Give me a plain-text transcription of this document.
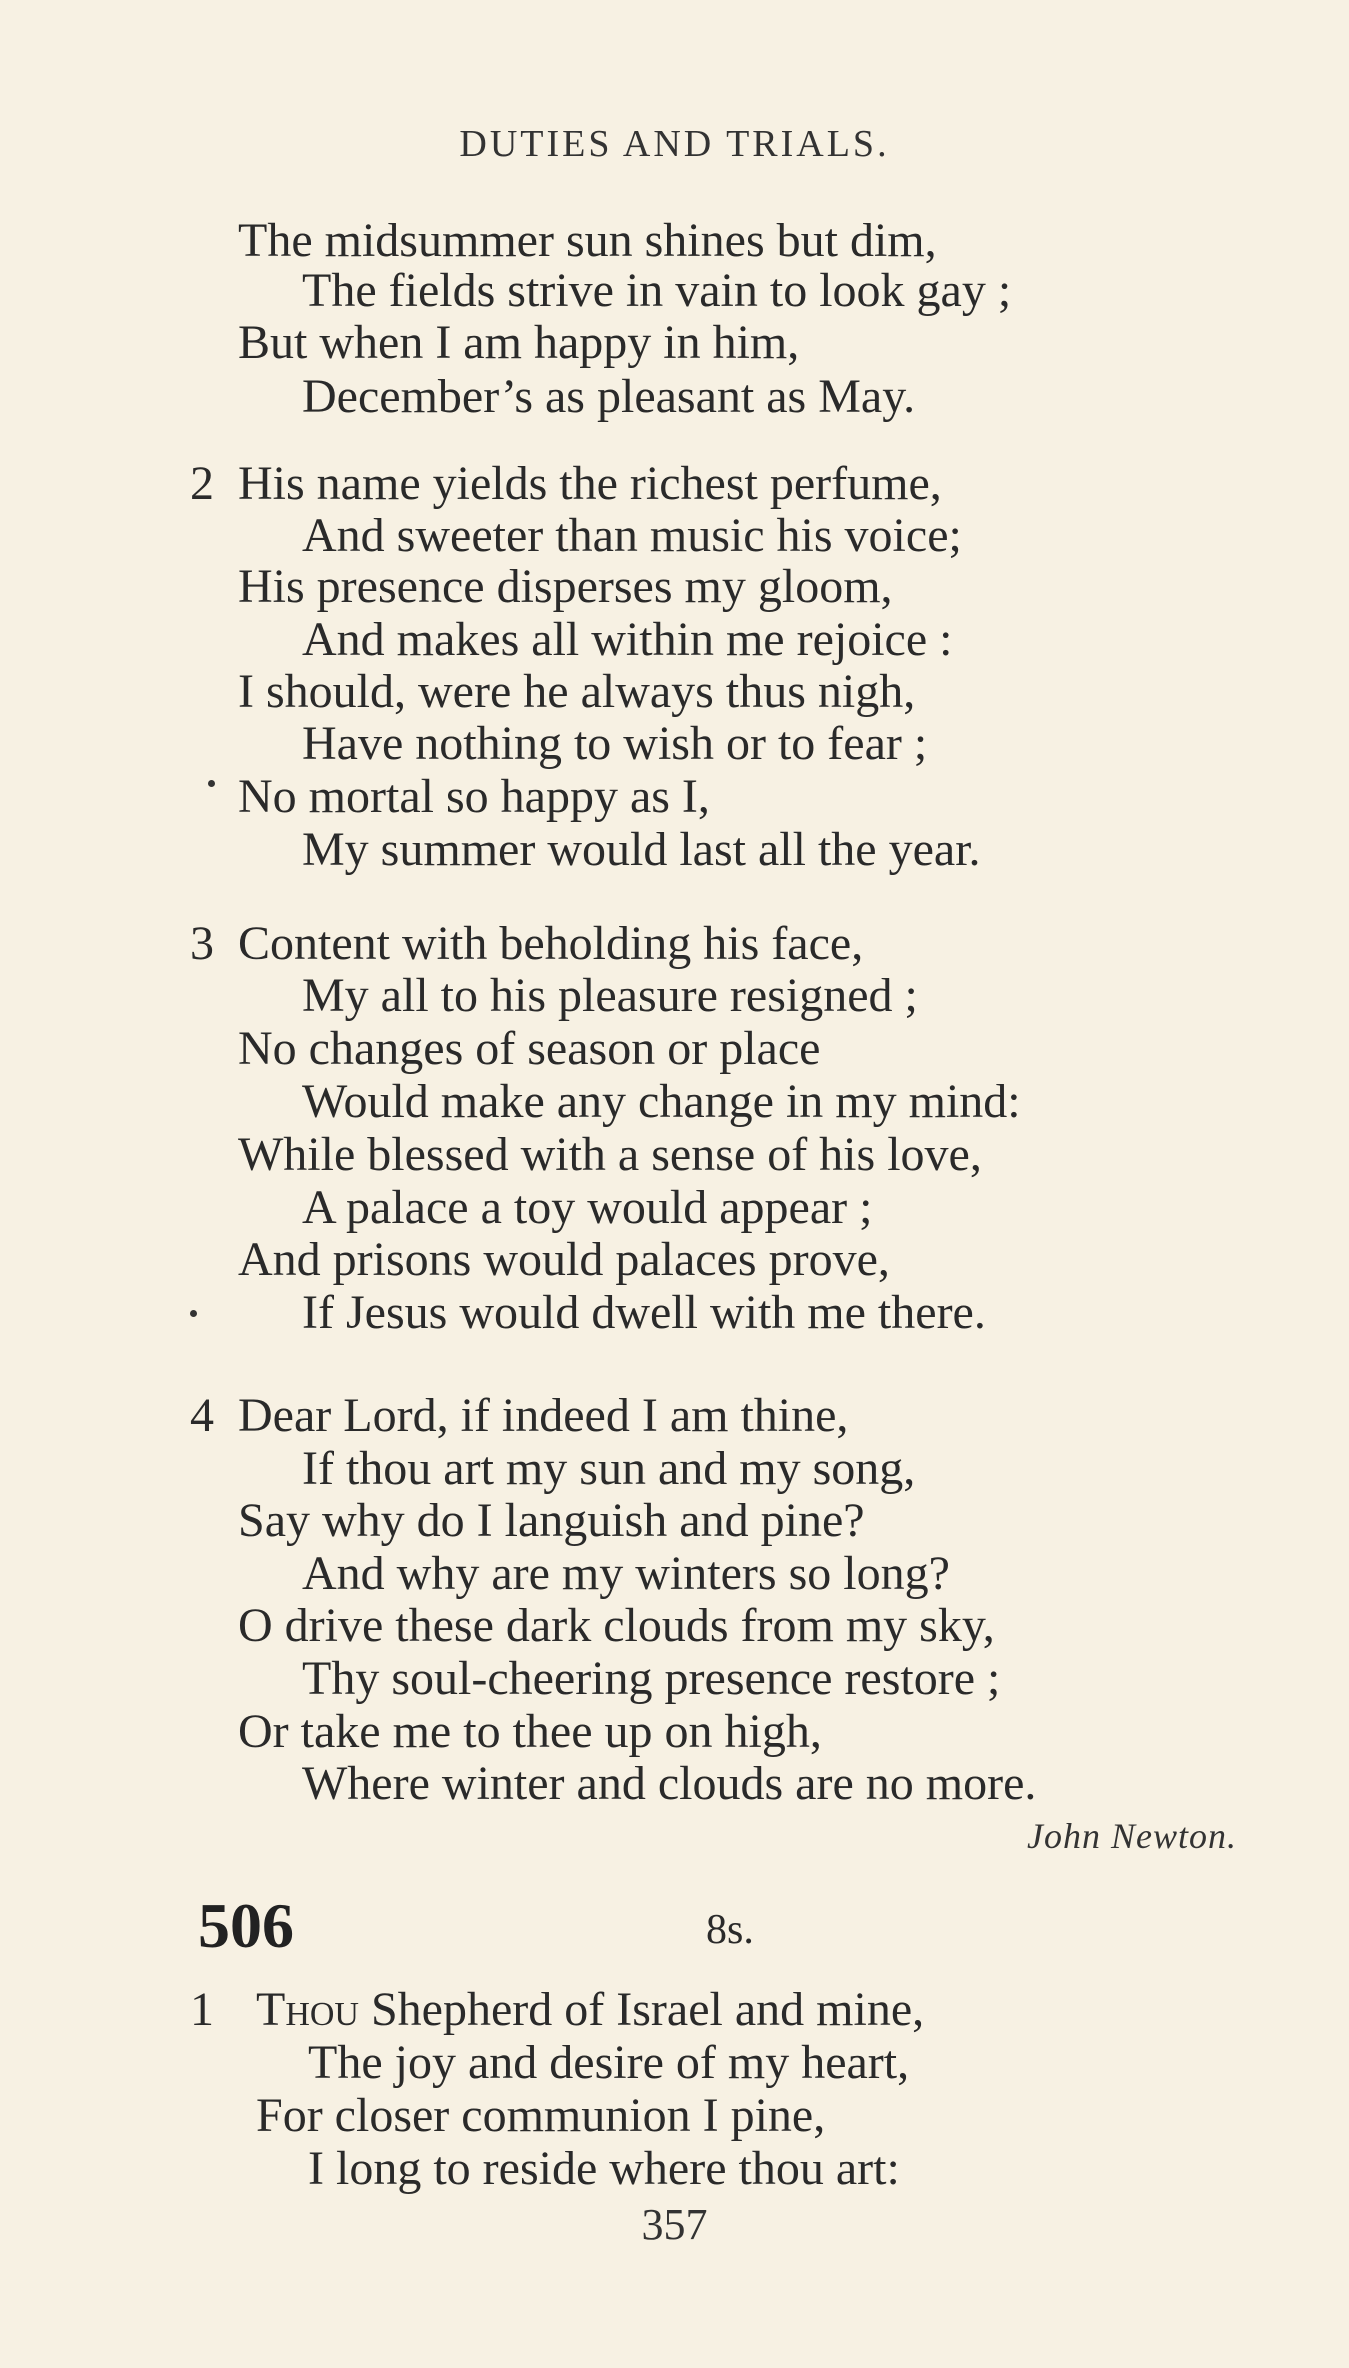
DUTIES AND TRIALS.
The midsummer sun shines but dim,
The fields strive in vain to look gay ;
But when I am happy in him,
December’s as pleasant as May.
2 His name yields the richest perfume,
And sweeter than music his voice;
His presence disperses my gloom,
And makes all within me rejoice :
I should, were he always thus nigh,
Have nothing to wish or to fear ;
No mortal so happy as I,
My summer would last all the year.
3 Content with beholding his face,
My all to his pleasure resigned ;
No changes of season or place
Would make any change in my mind:
While blessed with a sense of his love,
A palace a toy would appear ;
And prisons would palaces prove,
If Jesus would dwell with me there.
4 Dear Lord, if indeed I am thine,
If thou art my sun and my song,
Say why do I languish and pine?
And why are my winters so long?
O drive these dark clouds from my sky,
Thy soul-cheering presence restore ;
Or take me to thee up on high,
Where winter and clouds are no more.
John Newton.
506	8s.
1 Thou Shepherd of Israel and mine,
The joy and desire of my heart,
For closer communion I pine,
I long to reside where thou art:
357
